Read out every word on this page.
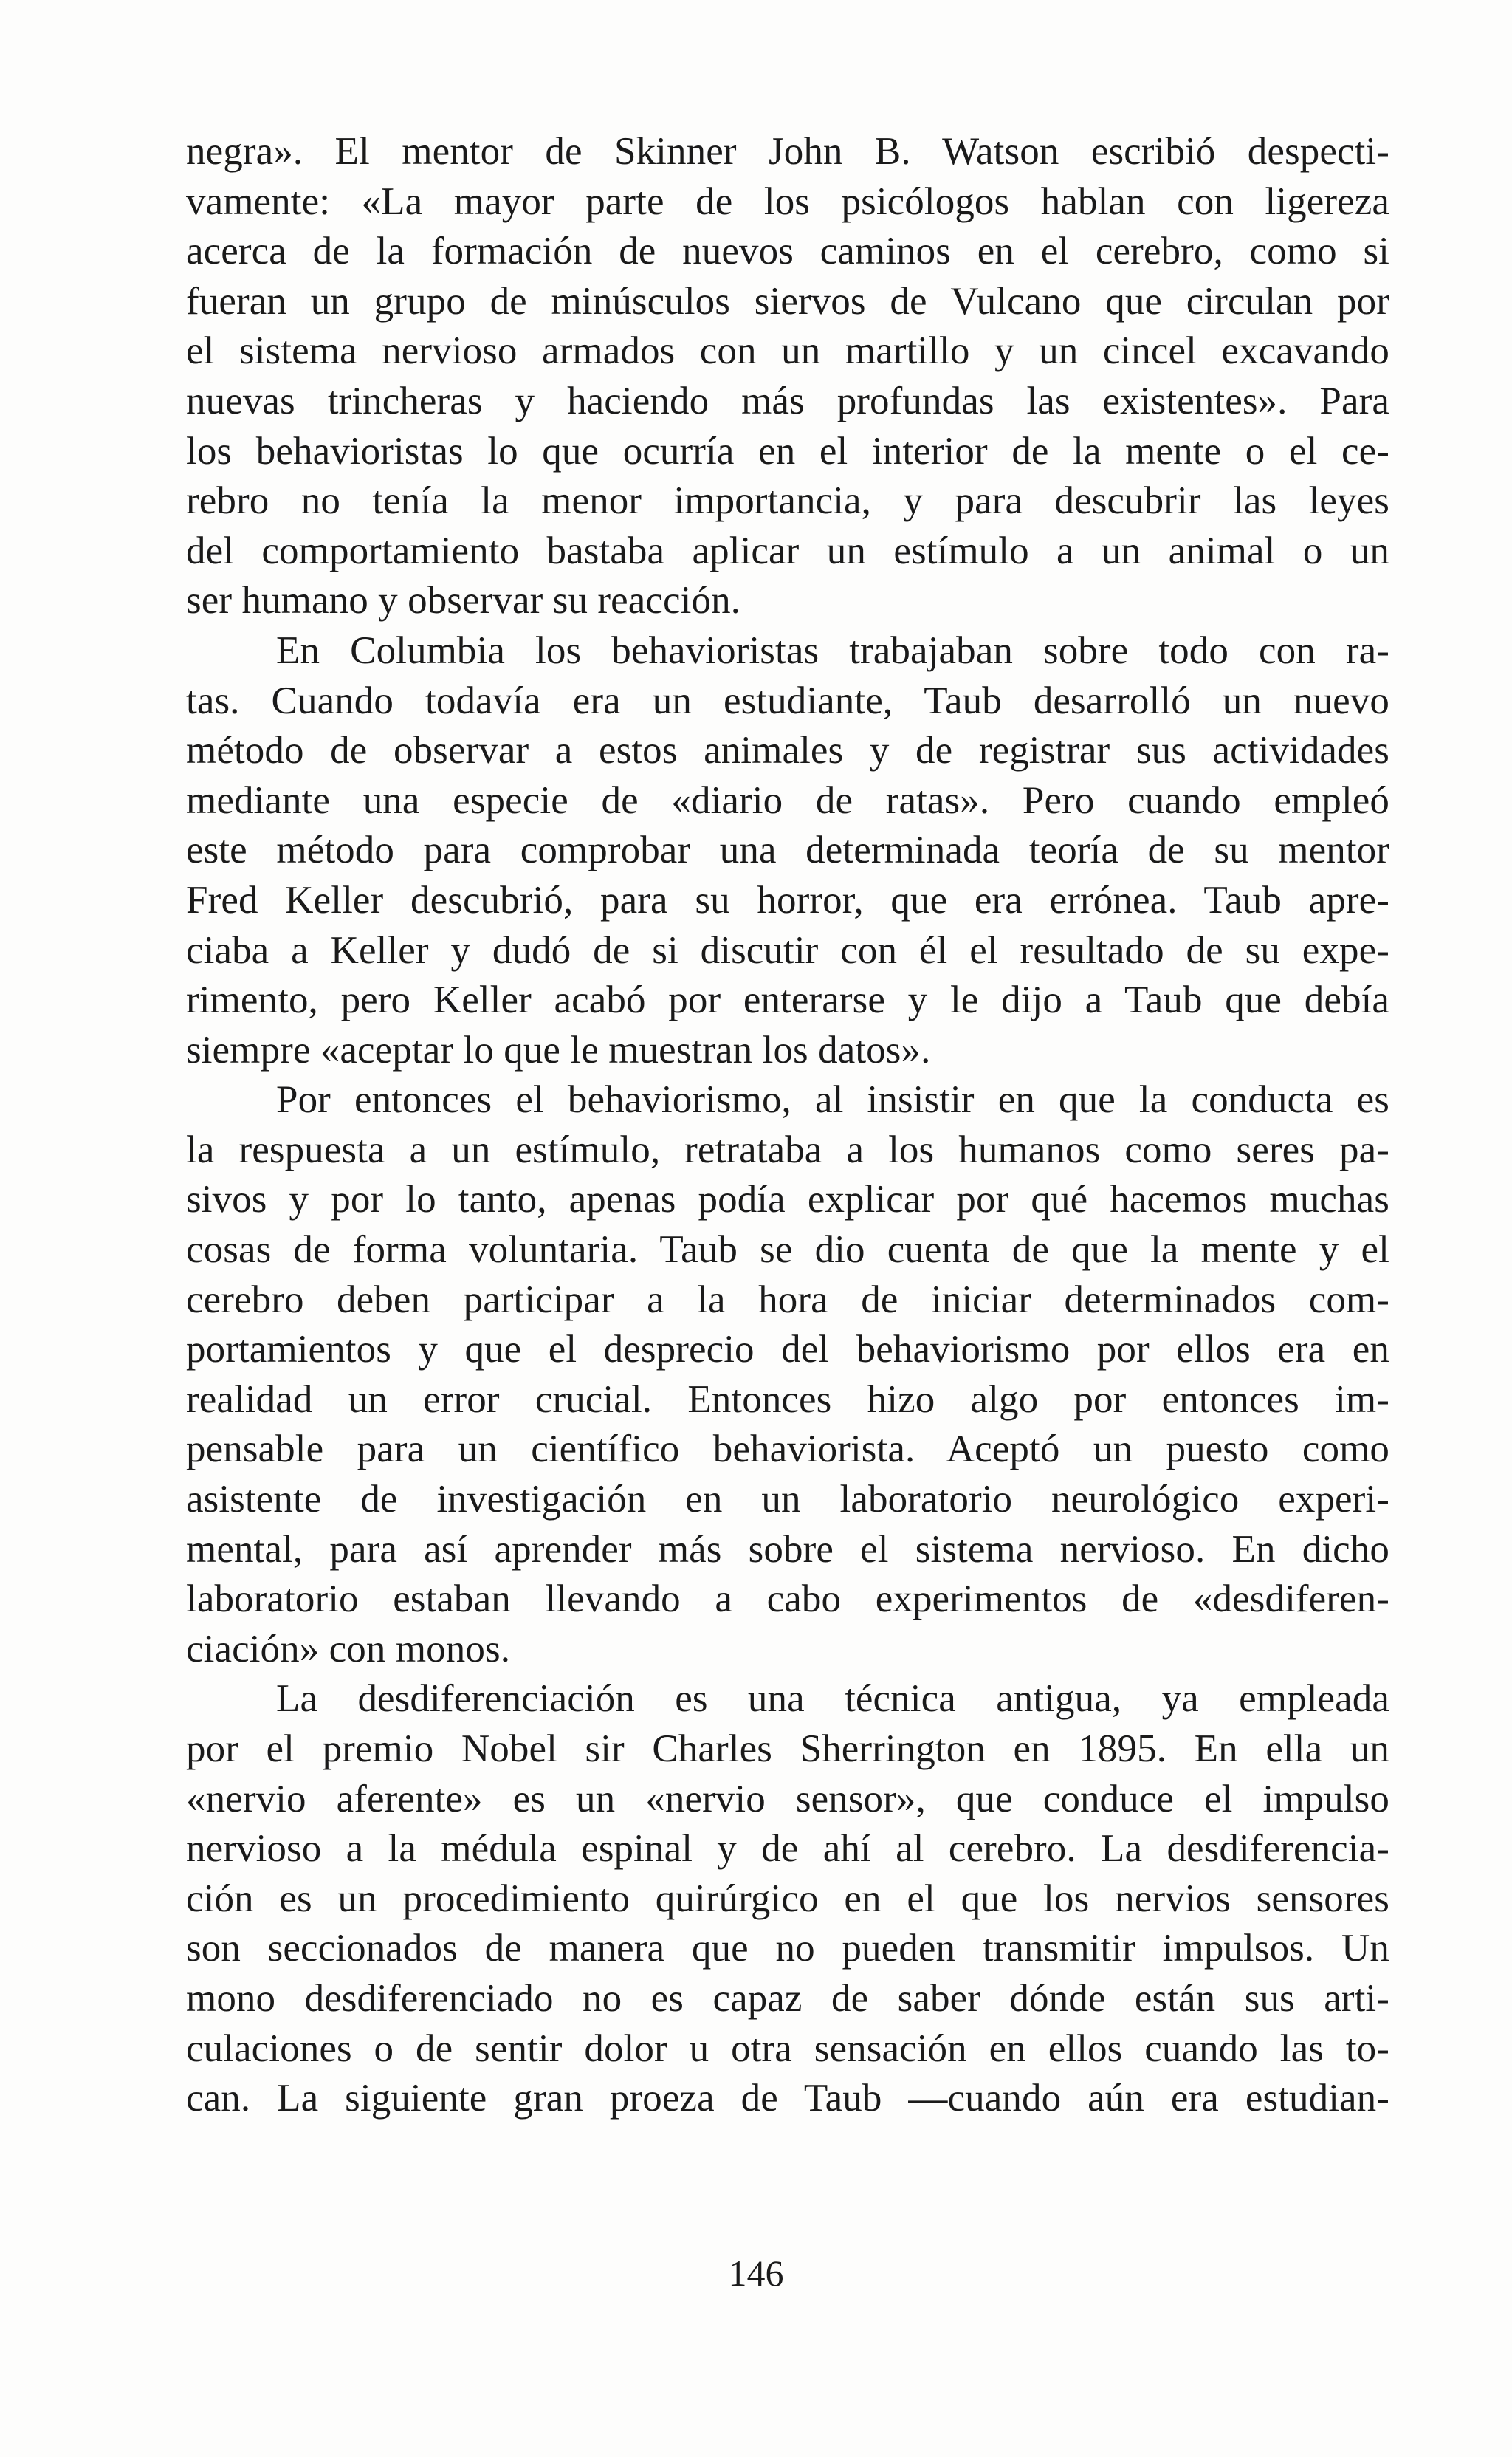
negra». El mentor de Skinner John B. Watson escribió despecti-
vamente: «La mayor parte de los psicólogos hablan con ligereza
acerca de la formación de nuevos caminos en el cerebro, como si
fueran un grupo de minúsculos siervos de Vulcano que circulan por
el sistema nervioso armados con un martillo y un cincel excavando
nuevas trincheras y haciendo más profundas las existentes». Para
los behavioristas lo que ocurría en el interior de la mente o el ce-
rebro no tenía la menor importancia, y para descubrir las leyes
del comportamiento bastaba aplicar un estímulo a un animal o un
ser humano y observar su reacción.
En Columbia los behavioristas trabajaban sobre todo con ra-
tas. Cuando todavía era un estudiante, Taub desarrolló un nuevo
método de observar a estos animales y de registrar sus actividades
mediante una especie de «diario de ratas». Pero cuando empleó
este método para comprobar una determinada teoría de su mentor
Fred Keller descubrió, para su horror, que era errónea. Taub apre-
ciaba a Keller y dudó de si discutir con él el resultado de su expe-
rimento, pero Keller acabó por enterarse y le dijo a Taub que debía
siempre «aceptar lo que le muestran los datos».
Por entonces el behaviorismo, al insistir en que la conducta es
la respuesta a un estímulo, retrataba a los humanos como seres pa-
sivos y por lo tanto, apenas podía explicar por qué hacemos muchas
cosas de forma voluntaria. Taub se dio cuenta de que la mente y el
cerebro deben participar a la hora de iniciar determinados com-
portamientos y que el desprecio del behaviorismo por ellos era en
realidad un error crucial. Entonces hizo algo por entonces im-
pensable para un científico behaviorista. Aceptó un puesto como
asistente de investigación en un laboratorio neurológico experi-
mental, para así aprender más sobre el sistema nervioso. En dicho
laboratorio estaban llevando a cabo experimentos de «desdiferen-
ciación» con monos.
La desdiferenciación es una técnica antigua, ya empleada
por el premio Nobel sir Charles Sherrington en 1895. En ella un
«nervio aferente» es un «nervio sensor», que conduce el impulso
nervioso a la médula espinal y de ahí al cerebro. La desdiferencia-
ción es un procedimiento quirúrgico en el que los nervios sensores
son seccionados de manera que no pueden transmitir impulsos. Un
mono desdiferenciado no es capaz de saber dónde están sus arti-
culaciones o de sentir dolor u otra sensación en ellos cuando las to-
can. La siguiente gran proeza de Taub —cuando aún era estudian-
146
